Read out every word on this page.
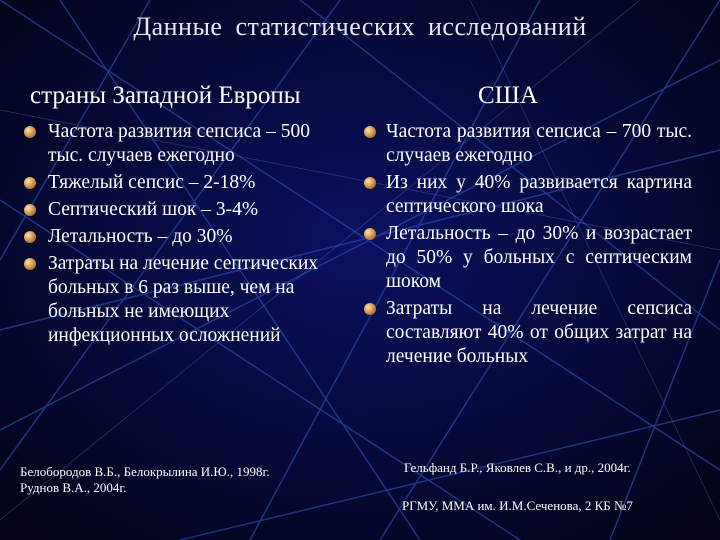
Данные статистических исследований
страны Западной Европы	США
Частота развития сепсиса – 500 тыс. случаев ежегодно
Тяжелый сепсис – 2-18%
Септический шок – 3-4%
Летальность – до 30%
Затраты на лечение септических больных в 6 раз выше, чем на больных не имеющих инфекционных осложнений
Частота развития сепсиса – 700 тыс. случаев ежегодно
Из них у 40% развивается картина септического шока
Летальность – до 30% и возрастает до 50% у больных с септическим шоком
Затраты на лечение сепсиса составляют 40% от общих затрат на лечение больных
Белобородов В.Б., Белокрылина И.Ю., 1998г.
Руднов В.А., 2004г.
Гельфанд Б.Р., Яковлев С.В., и др., 2004г.
РГМУ, ММА им. И.М.Сеченова, 2 КБ №7
